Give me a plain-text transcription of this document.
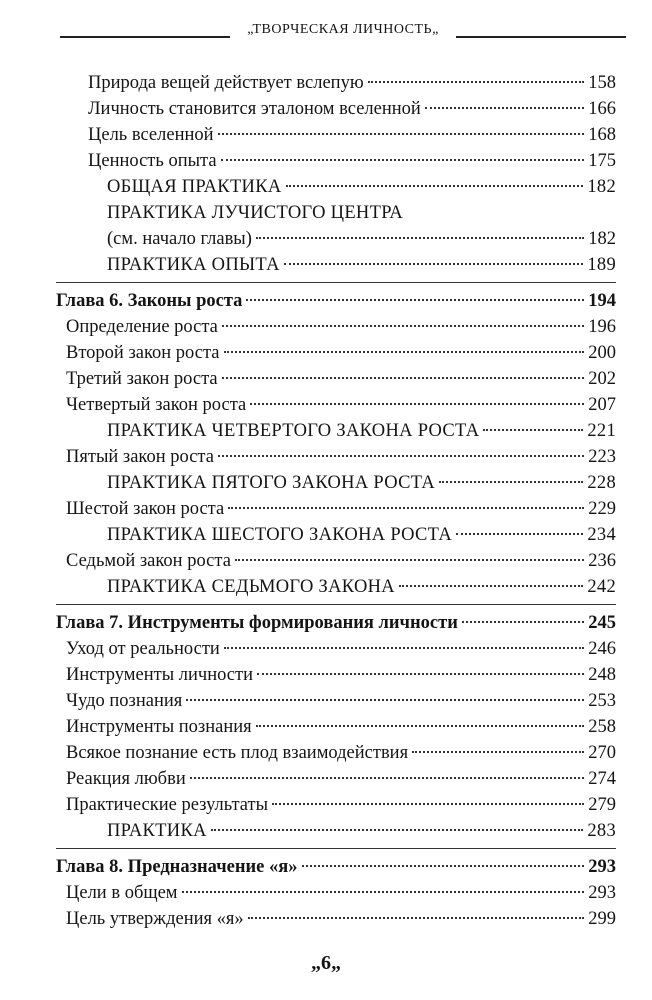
„ТВОРЧЕСКАЯ ЛИЧНОСТЬ„
Природа вещей действует вслепую	158
Личность становится эталоном вселенной	166
Цель вселенной	168
Ценность опыта	175
ОБЩАЯ ПРАКТИКА	182
ПРАКТИКА ЛУЧИСТОГО ЦЕНТРА
(см. начало главы)	182
ПРАКТИКА ОПЫТА	189
Глава 6. Законы роста	194
Определение роста	196
Второй закон роста	200
Третий закон роста	202
Четвертый закон роста	207
ПРАКТИКА ЧЕТВЕРТОГО ЗАКОНА РОСТА	221
Пятый закон роста	223
ПРАКТИКА ПЯТОГО ЗАКОНА РОСТА	228
Шестой закон роста	229
ПРАКТИКА ШЕСТОГО ЗАКОНА РОСТА	234
Седьмой закон роста	236
ПРАКТИКА СЕДЬМОГО ЗАКОНА	242
Глава 7. Инструменты формирования личности	245
Уход от реальности	246
Инструменты личности	248
Чудо познания	253
Инструменты познания	258
Всякое познание есть плод взаимодействия	270
Реакция любви	274
Практические результаты	279
ПРАКТИКА	283
Глава 8. Предназначение «я»	293
Цели в общем	293
Цель утверждения «я»	299
„6„
